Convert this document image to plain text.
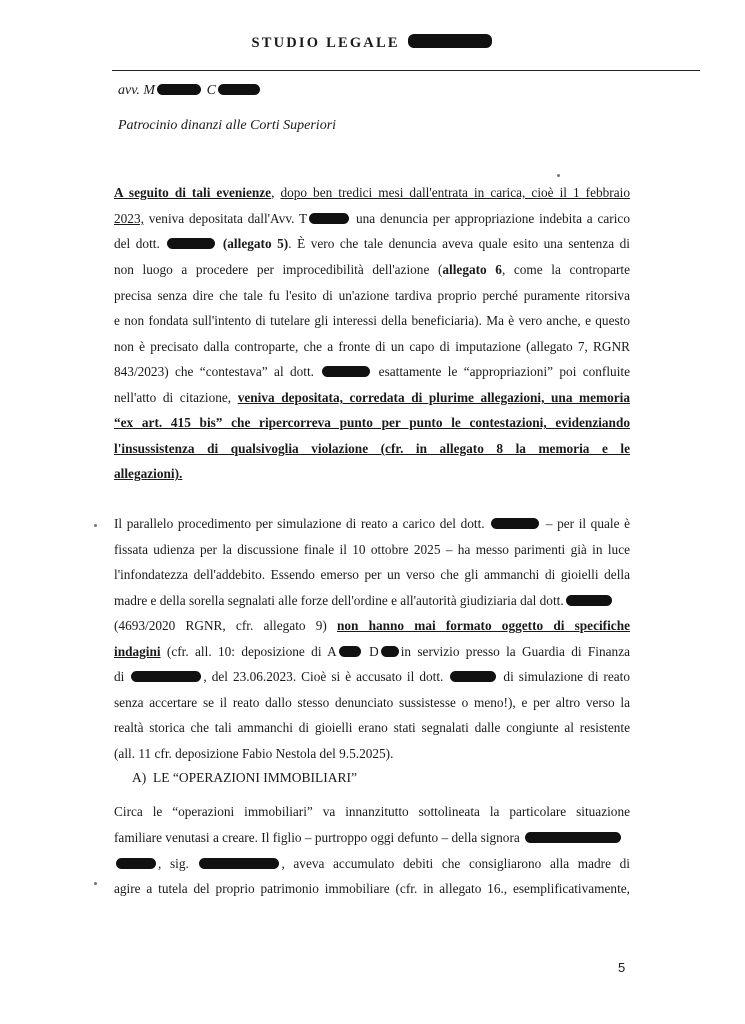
STUDIO LEGALE
avv. M	C
Patrocinio dinanzi alle Corti Superiori
A seguito di tali evenienze, dopo ben tredici mesi dall'entrata in carica, cioè il 1 febbraio
2023, veniva depositata dall'Avv. T	una denuncia per appropriazione indebita a carico
del dott.	(allegato 5). È vero che tale denuncia aveva quale esito una sentenza di
non luogo a procedere per improcedibilità dell'azione (allegato 6, come la controparte
precisa senza dire che tale fu l'esito di un'azione tardiva proprio perché puramente ritorsiva
e non fondata sull'intento di tutelare gli interessi della beneficiaria). Ma è vero anche, e questo
non è precisato dalla controparte, che a fronte di un capo di imputazione (allegato 7, RGNR
843/2023) che “contestava” al dott.	esattamente le “appropriazioni” poi confluite
nell'atto di citazione, veniva depositata, corredata di plurime allegazioni, una memoria
“ex art. 415 bis” che ripercorreva punto per punto le contestazioni, evidenziando
l'insussistenza di qualsivoglia violazione (cfr. in allegato 8 la memoria e le
allegazioni).
Il parallelo procedimento per simulazione di reato a carico del dott.	– per il quale è
fissata udienza per la discussione finale il 10 ottobre 2025 – ha messo parimenti già in luce
l'infondatezza dell'addebito. Essendo emerso per un verso che gli ammanchi di gioielli della
madre e della sorella segnalati alle forze dell'ordine e all'autorità giudiziaria dal dott.
(4693/2020 RGNR, cfr. allegato 9) non hanno mai formato oggetto di specifiche
indagini (cfr. all. 10: deposizione di A D in servizio presso la Guardia di Finanza
di	, del 23.06.2023. Cioè si è accusato il dott.	di simulazione di reato
senza accertare se il reato dallo stesso denunciato sussistesse o meno!), e per altro verso la
realtà storica che tali ammanchi di gioielli erano stati segnalati dalle congiunte al resistente
(all. 11 cfr. deposizione Fabio Nestola del 9.5.2025).
A)  LE “OPERAZIONI IMMOBILIARI”
Circa le “operazioni immobiliari” va innanzitutto sottolineata la particolare situazione
familiare venutasi a creare. Il figlio – purtroppo oggi defunto – della signora
, sig.	, aveva accumulato debiti che consigliarono alla madre di
agire a tutela del proprio patrimonio immobiliare (cfr. in allegato 16., esemplificativamente,
5
